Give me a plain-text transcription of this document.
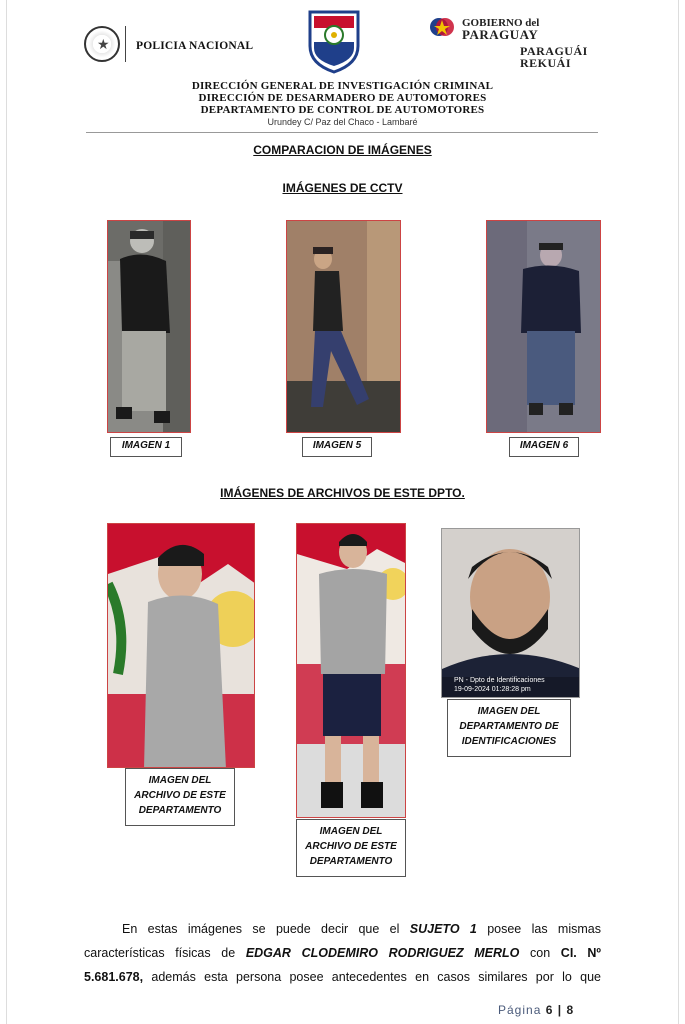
★ POLICIA NACIONAL
GOBIERNO del
PARAGUAY
PARAGUÁI
REKUÁI
DIRECCIÓN GENERAL DE INVESTIGACIÓN CRIMINAL
DIRECCIÓN DE DESARMADERO DE AUTOMOTORES
DEPARTAMENTO DE CONTROL DE AUTOMOTORES
Urundey C/ Paz del Chaco - Lambaré
COMPARACION DE IMÁGENES
IMÁGENES DE CCTV
IMAGEN 1	IMAGEN 5	IMAGEN 6
IMÁGENES DE ARCHIVOS DE ESTE DPTO.
PN - Dpto de Identificaciones
19-09-2024 01:28:28 pm
IMAGEN DEL
ARCHIVO DE ESTE
DEPARTAMENTO
IMAGEN DEL
ARCHIVO DE ESTE
DEPARTAMENTO
IMAGEN DEL
DEPARTAMENTO DE
IDENTIFICACIONES
En estas imágenes se puede decir que el SUJETO 1 posee las mismas
características físicas de EDGAR CLODEMIRO RODRIGUEZ MERLO con CI. Nº
5.681.678, además esta persona posee antecedentes en casos similares por lo que
Página 6 | 8
